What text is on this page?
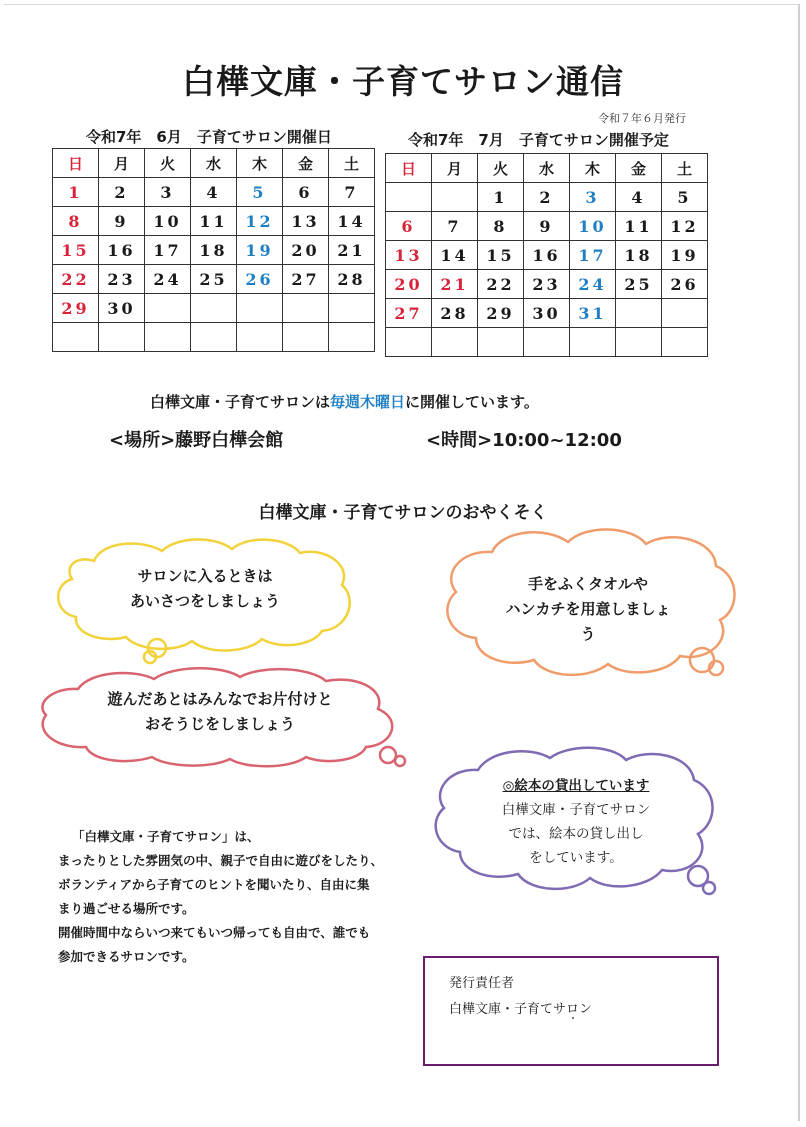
白樺文庫・子育てサロン通信
令和７年６月発行
令和7年　6月　子育てサロン開催日
日	月	火	水	木	金	土
1	2	3	4	5	6	7
8	9	10	11	12	13	14
15	16	17	18	19	20	21
22	23	24	25	26	27	28
29	30					

令和7年　7月　子育てサロン開催予定
日	月	火	水	木	金	土
		1	2	3	4	5
6	7	8	9	10	11	12
13	14	15	16	17	18	19
20	21	22	23	24	25	26
27	28	29	30	31		

白樺文庫・子育てサロンは毎週木曜日に開催しています。
<場所>藤野白樺会館	<時間>10:00~12:00
白樺文庫・子育てサロンのおやくそく
サロンに入るときは
あいさつをしましょう
手をふくタオルや
ハンカチを用意しましょ
う
遊んだあとはみんなでお片付けと
おそうじをしましょう
◎絵本の貸出しています
白樺文庫・子育てサロン
では、絵本の貸し出し
をしています。

「白樺文庫・子育てサロン」は、

まったりとした雰囲気の中、親子で自由に遊びをしたり、

ボランティアから子育てのヒントを聞いたり、自由に集

まり過ごせる場所です。

開催時間中ならいつ来てもいつ帰っても自由で、誰でも

参加できるサロンです。

発行責任者
白樺文庫・子育てサロン
